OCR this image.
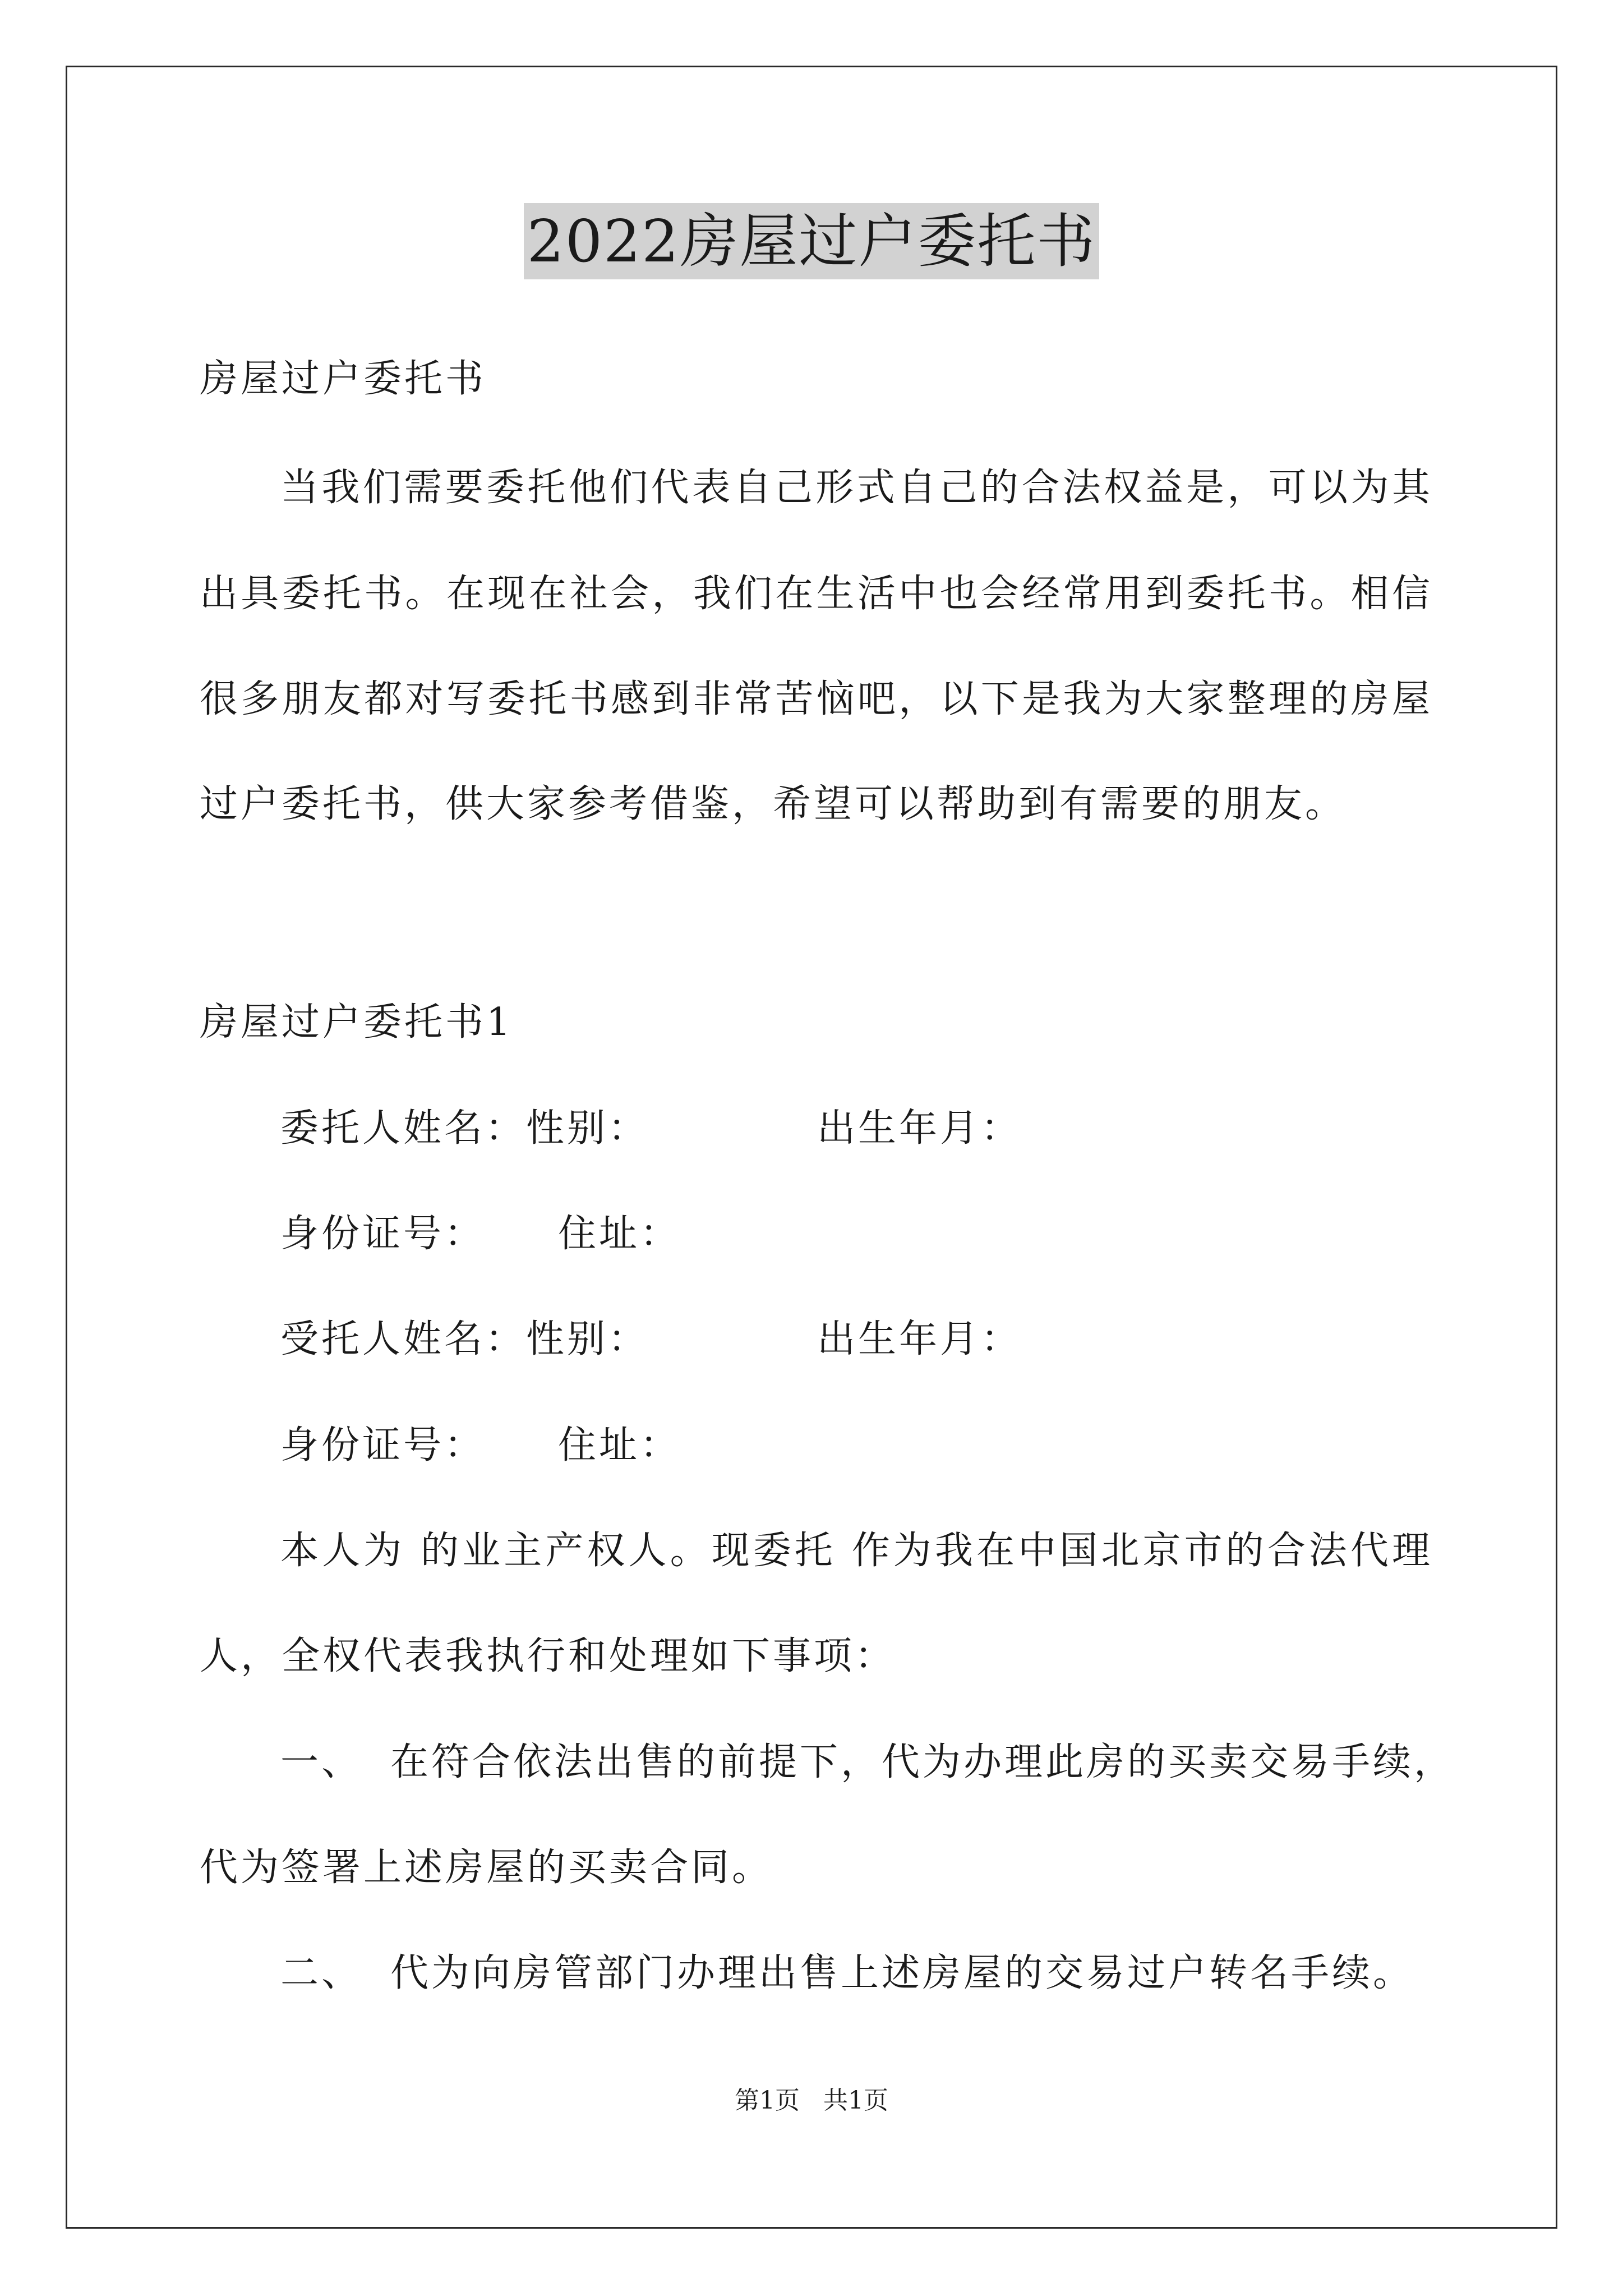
2022房屋过户委托书
房屋过户委托书
当我们需要委托他们代表自己形式自己的合法权益是，可以为其
出具委托书。在现在社会，我们在生活中也会经常用到委托书。相信
很多朋友都对写委托书感到非常苦恼吧，以下是我为大家整理的房屋
过户委托书，供大家参考借鉴，希望可以帮助到有需要的朋友。
房屋过户委托书1
委托人姓名：性别：	出生年月：
身份证号： 住址：
受托人姓名：性别：	出生年月：
身份证号： 住址：
本人为 的业主产权人。现委托 作为我在中国北京市的合法代理
人，全权代表我执行和处理如下事项：
一、 在符合依法出售的前提下，代为办理此房的买卖交易手续，
代为签署上述房屋的买卖合同。
二、 代为向房管部门办理出售上述房屋的交易过户转名手续。
第1页   共1页
